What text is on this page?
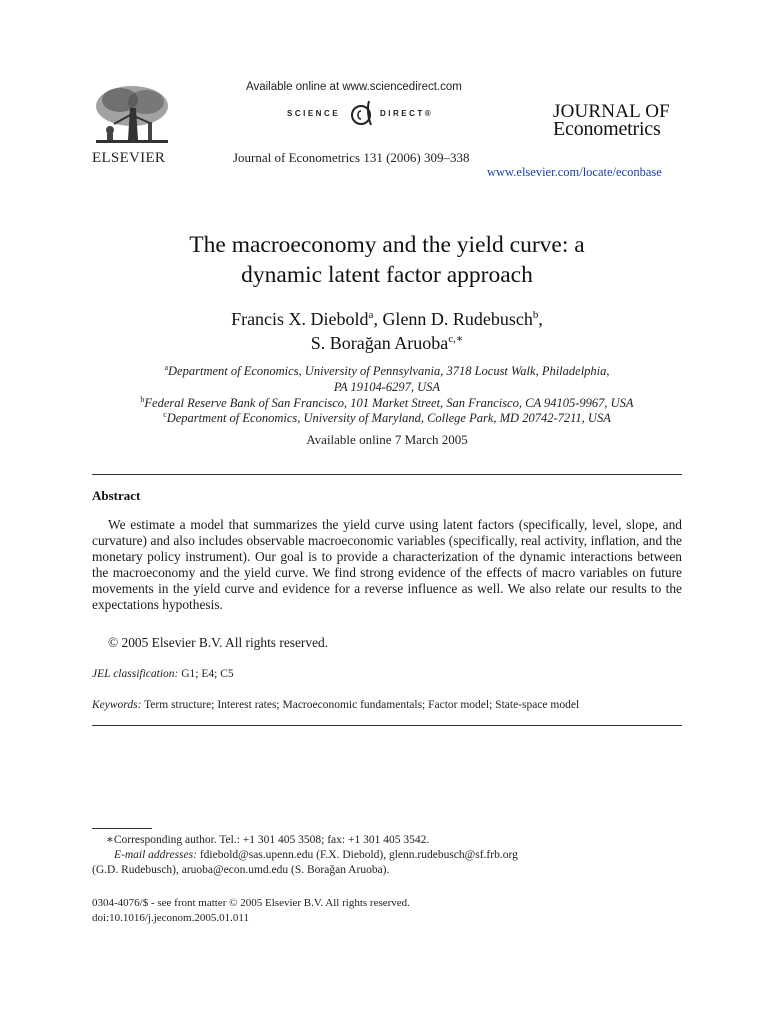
ELSEVIER
Available online at www.sciencedirect.com
SCIENCE	DIRECT®
Journal of Econometrics 131 (2006) 309–338
JOURNAL OF
Econometrics
www.elsevier.com/locate/econbase
The macroeconomy and the yield curve: a
dynamic latent factor approach
Francis X. Diebold$^a$, Glenn D. Rudebusch$^b$,
S. Borağan Aruoba$^{c,∗}$
$^a$Department of Economics, University of Pennsylvania, 3718 Locust Walk, Philadelphia,
PA 19104-6297, USA
$^b$Federal Reserve Bank of San Francisco, 101 Market Street, San Francisco, CA 94105-9967, USA
$^c$Department of Economics, University of Maryland, College Park, MD 20742-7211, USA
Available online 7 March 2005
Abstract
We estimate a model that summarizes the yield curve using latent factors (specifically, level, slope, and curvature) and also includes observable macroeconomic variables (specifically, real activity, inflation, and the monetary policy instrument). Our goal is to provide a characterization of the dynamic interactions between the macroeconomy and the yield curve. We find strong evidence of the effects of macro variables on future movements in the yield curve and evidence for a reverse influence as well. We also relate our results to the expectations hypothesis.
© 2005 Elsevier B.V. All rights reserved.
JEL classification: G1; E4; C5
Keywords: Term structure; Interest rates; Macroeconomic fundamentals; Factor model; State-space model
∗Corresponding author. Tel.: +1 301 405 3508; fax: +1 301 405 3542.
E-mail addresses: fdiebold@sas.upenn.edu (F.X. Diebold), glenn.rudebusch@sf.frb.org
(G.D. Rudebusch), aruoba@econ.umd.edu (S. Borağan Aruoba).
0304-4076/$ - see front matter © 2005 Elsevier B.V. All rights reserved.
doi:10.1016/j.jeconom.2005.01.011
